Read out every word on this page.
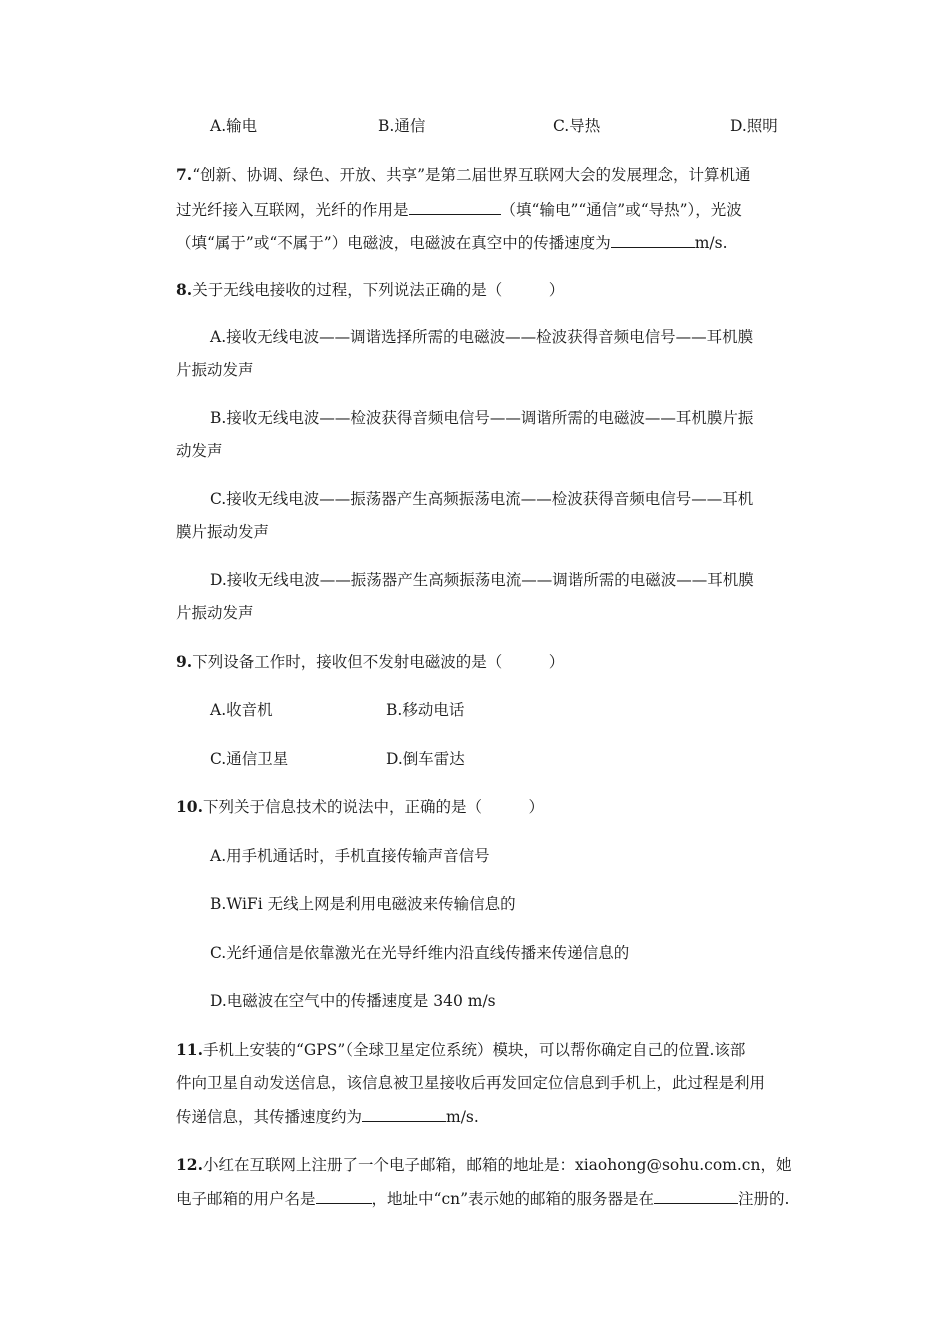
A.输电	B.通信	C.导热	D.照明
7.“创新、协调、绿色、开放、共享”是第二届世界互联网大会的发展理念，计算机通
过光纤接入互联网，光纤的作用是	（填“输电”“通信”或“导热”），光波
（填“属于”或“不属于”）电磁波，电磁波在真空中的传播速度为	m/s.
8.关于无线电接收的过程，下列说法正确的是（　　　）
A.接收无线电波——调谐选择所需的电磁波——检波获得音频电信号——耳机膜
片振动发声
B.接收无线电波——检波获得音频电信号——调谐所需的电磁波——耳机膜片振
动发声
C.接收无线电波——振荡器产生高频振荡电流——检波获得音频电信号——耳机
膜片振动发声
D.接收无线电波——振荡器产生高频振荡电流——调谐所需的电磁波——耳机膜
片振动发声
9.下列设备工作时，接收但不发射电磁波的是（　　　）
A.收音机	B.移动电话
C.通信卫星	D.倒车雷达
10.下列关于信息技术的说法中，正确的是（　　　）
A.用手机通话时，手机直接传输声音信号
B.WiFi 无线上网是利用电磁波来传输信息的
C.光纤通信是依靠激光在光导纤维内沿直线传播来传递信息的
D.电磁波在空气中的传播速度是 340 m/s
11.手机上安装的“GPS”（全球卫星定位系统）模块，可以帮你确定自己的位置.该部
件向卫星自动发送信息，该信息被卫星接收后再发回定位信息到手机上，此过程是利用
传递信息，其传播速度约为	m/s.
12.小红在互联网上注册了一个电子邮箱，邮箱的地址是：xiaohong@sohu.com.cn，她
电子邮箱的用户名是	，地址中“cn”表示她的邮箱的服务器是在	注册的.
